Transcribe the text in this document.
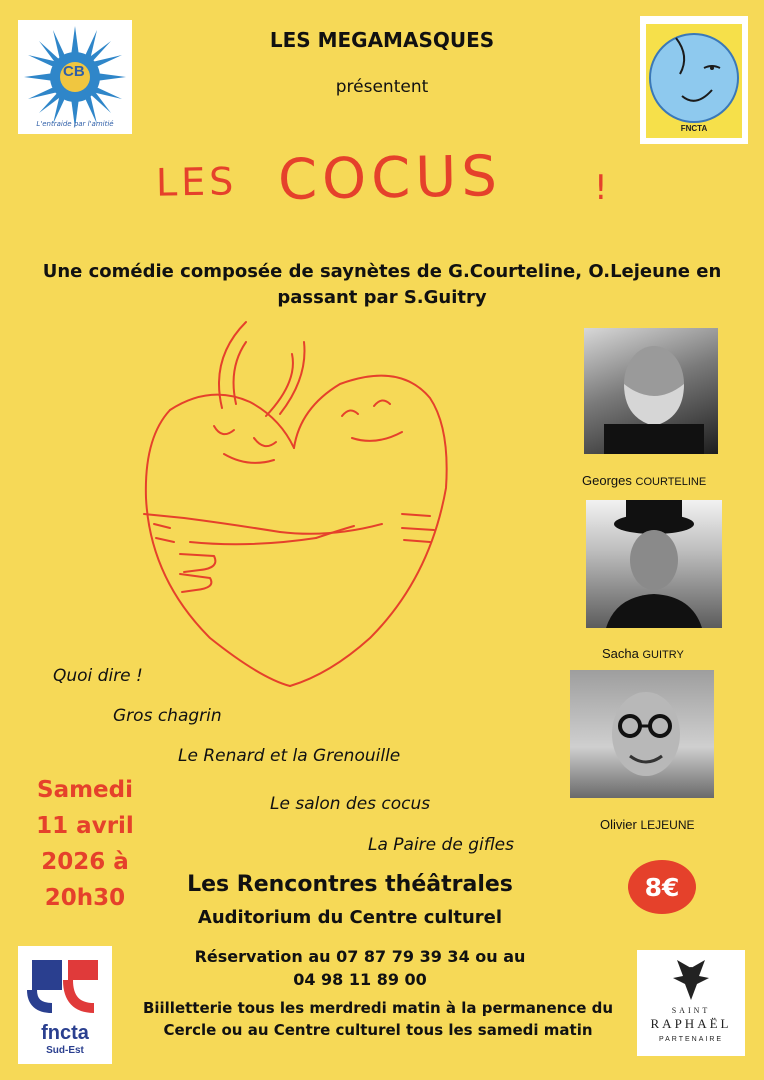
LES MEGAMASQUES
présentent
CB
L'entraide par l'amitié	FNCTA
LES COCUS	!
Une comédie composée de saynètes de G.Courteline, O.Lejeune en passant par S.Guitry
Georges COURTELINE
Sacha GUITRY
Olivier LEJEUNE
Quoi dire !
Gros chagrin
Le Renard et la Grenouille
Le salon des cocus
La Paire de gifles
Samedi
11 avril
2026 à
20h30
Les Rencontres théâtrales
Auditorium du Centre culturel
Réservation au 07 87 79 39 34 ou au
04 98 11 89 00
Biilletterie tous les merdredi matin à la permanence du Cercle ou au Centre culturel tous les samedi matin
8€
fncta
Sud-Est
SAINT
RAPHAËL
PARTENAIRE
